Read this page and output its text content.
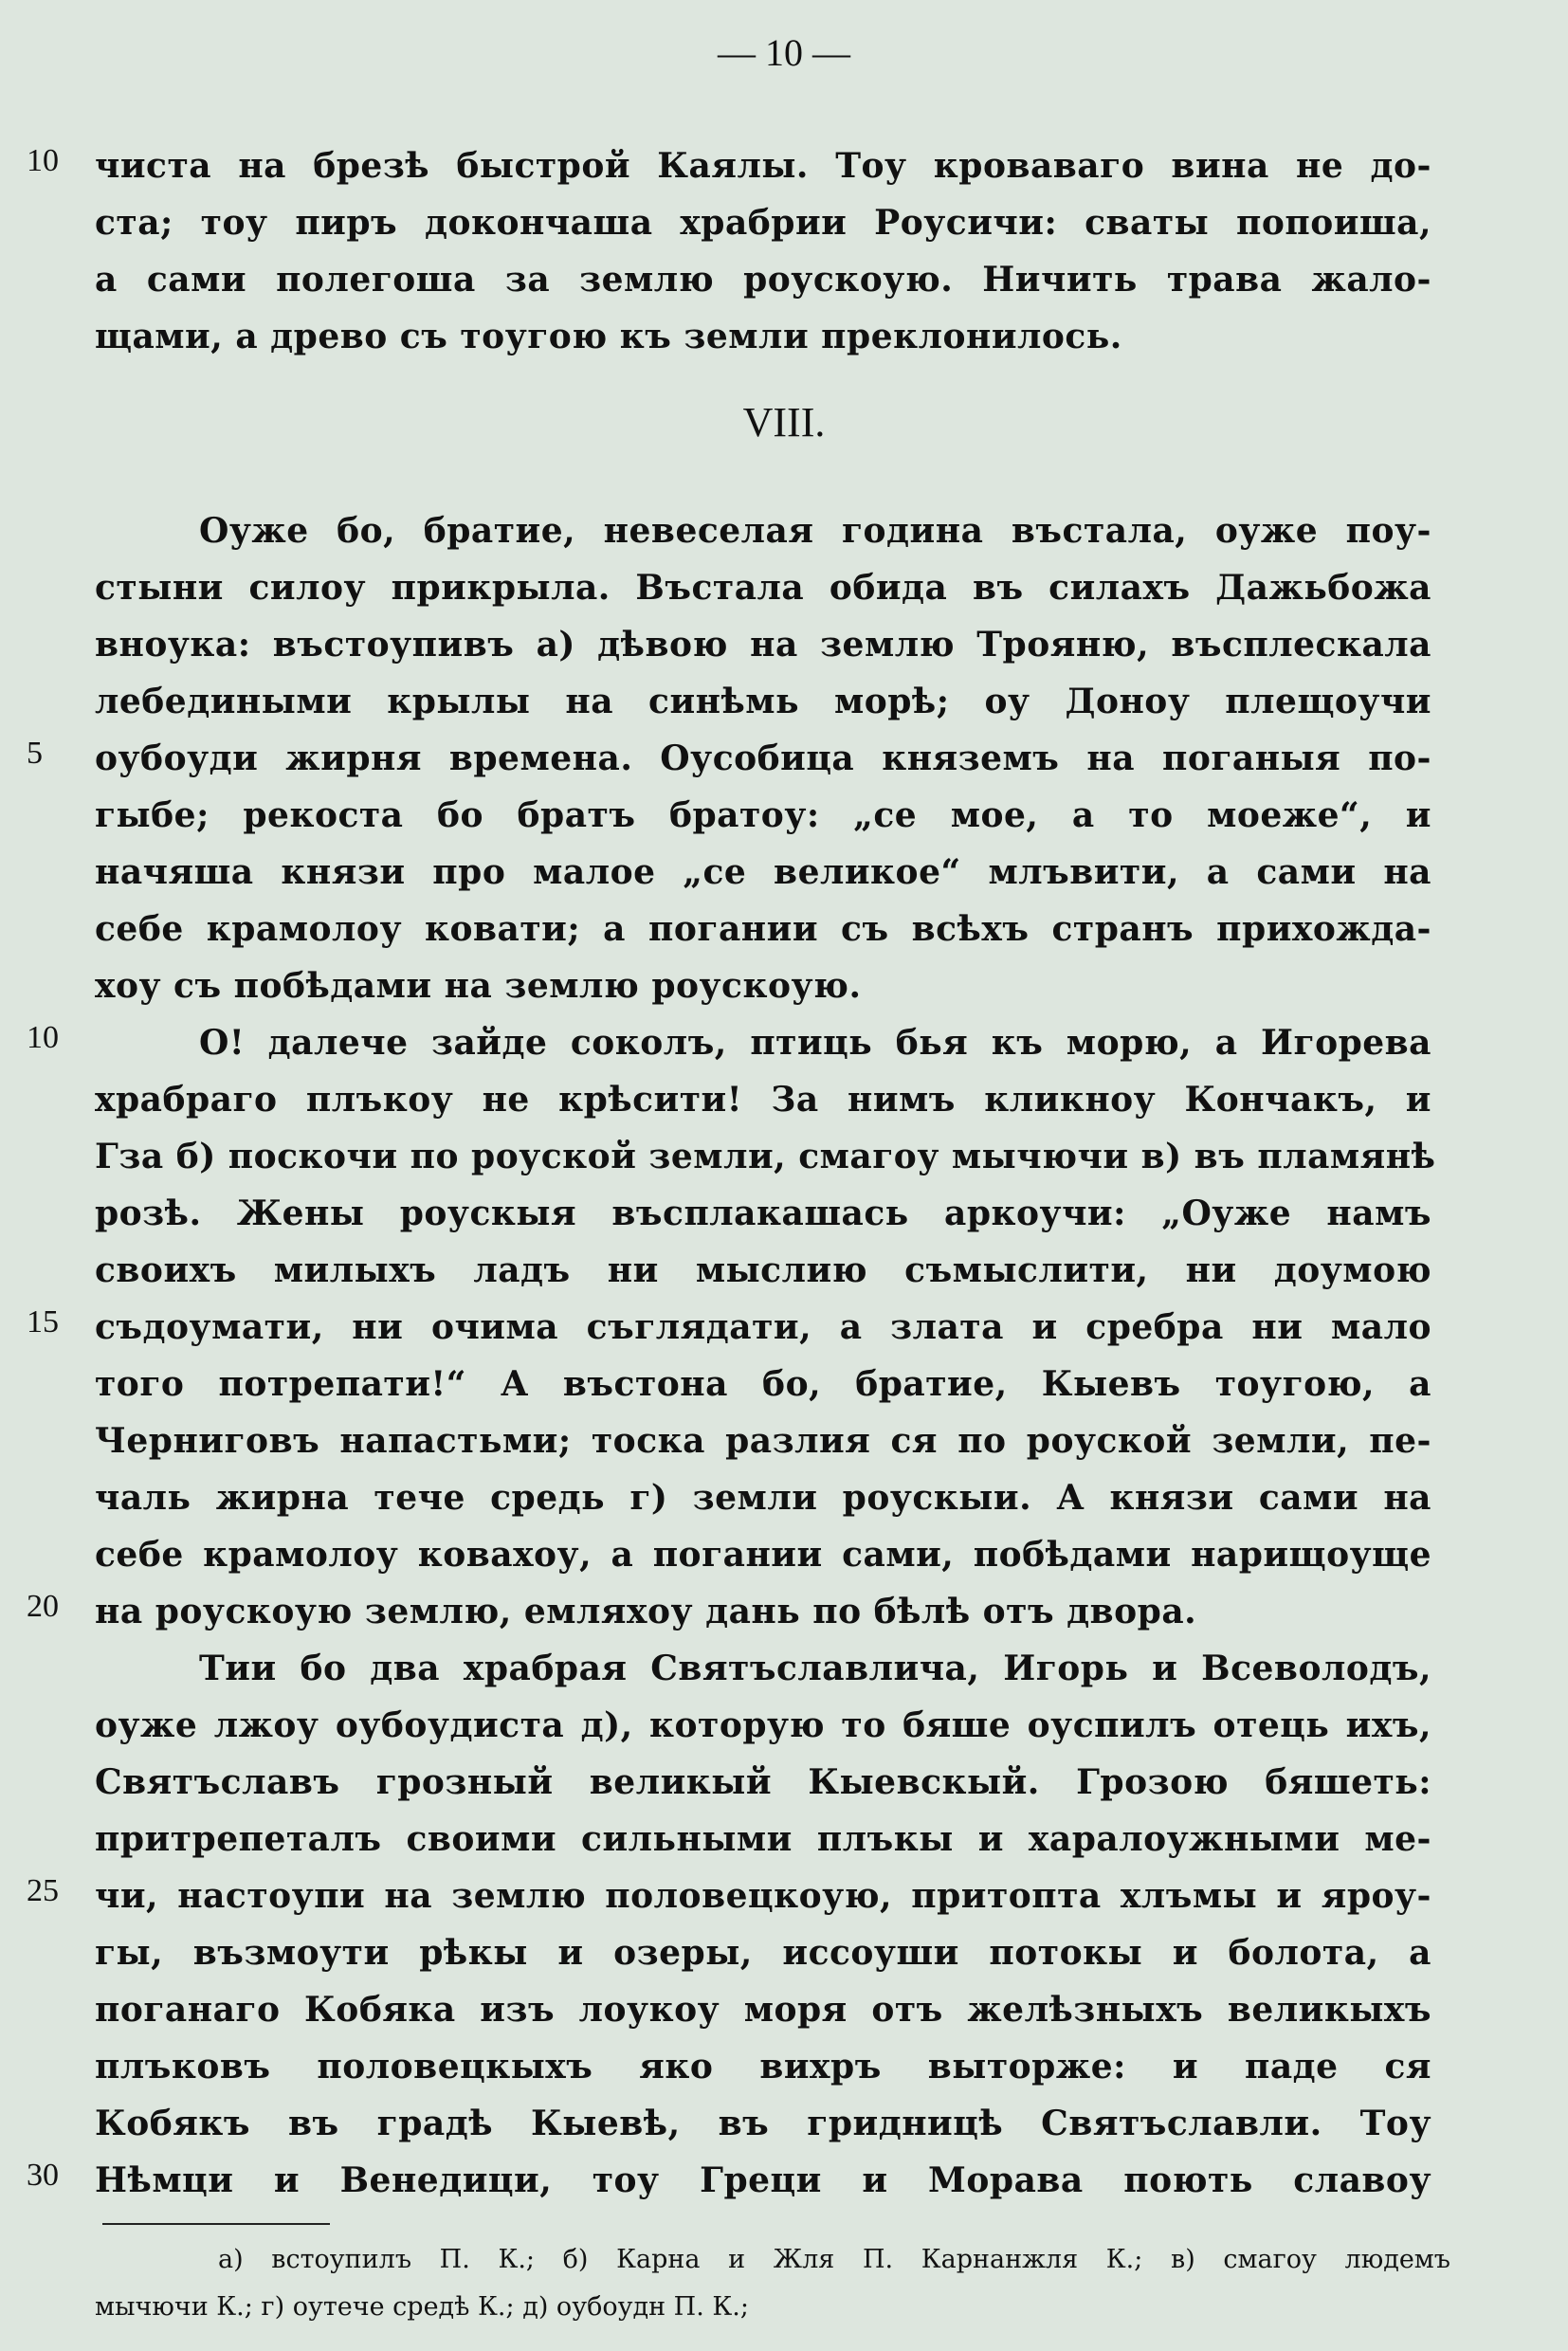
— 10 —
10	чиста на брезѣ быстрой Каялы. Тоу кровавaго вина не до-
ста; тоу пиръ докончаша храбрии Роусичи: сваты попоиша,
а сами полегоша за землю роускоую. Ничить трава жало-
щами, а древо съ тоугою къ земли преклонилось.
VIII.
Оуже бо, братие, невеселая година въстала, оуже поу-
стыни силоу прикрыла. Въстала обида въ силахъ Дажьбожа
вноука: въстоупивъ а) дѣвою на землю Трояню, въсплескала
лебедиными крылы на синѣмь морѣ; оу Доноу плещоучи
5	оубоуди жирня времена. Оусобица княземъ на поганыя по-
гыбе; рекоста бо братъ братоу: „се мое, а то моеже“, и
начяша князи про малое „се великое“ млъвити, а сами на
себе крамолоу ковати; а погании съ всѣхъ странъ прихожда-
хоу съ побѣдами на землю роускоую.
10	О! далече зайде соколъ, птиць бья къ морю, а Игорева
храбраго плъкоу не крѣсити! За нимъ кликноу Кончакъ, и
Гза б) поскочи по роуской земли, смагоу мычючи в) въ пламянѣ
розѣ. Жены роускыя въсплакашась аркоучи: „Оуже намъ
своихъ милыхъ ладъ ни мыслию съмыслити, ни доумою
15	съдоумати, ни очима съглядати, а злата и сребра ни мало
того потрепати!“ А въстона бо, братие, Кыевъ тоугою, а
Черниговъ напастьми; тоска разлия ся по роуской земли, пе-
чаль жирна тече средь г) земли роускыи. А князи сами на
себе крамолоу ковахоу, а погании сами, побѣдами нарищоуще
20	на роускоую землю, емляхоу дань по бѣлѣ отъ двора.
Тии бо два храбрая Святъславлича, Игорь и Всеволодъ,
оуже лжоу оубоудиста д), которую то бяше оуспилъ отець ихъ,
Святъславъ грозный великый Кыевскый. Грозою бяшеть:
притрепеталъ своими сильными плъкы и харалоужными ме-
25	чи, настоупи на землю половецкоую, притопта хлъмы и яроу-
гы, възмоути рѣкы и озеры, иссоуши потокы и болота, а
поганаго Кобяка изъ лоукоу моря отъ желѣзныхъ великыхъ
плъковъ половецкыхъ яко вихръ выторже: и паде ся
Кобякъ въ градѣ Кыевѣ, въ гридницѣ Святъславли. Тоу
30	Нѣмци и Венедици, тоу Греци и Морава поють славоу
а) встоупилъ П. К.; б) Карна и Жля П. Карнанжля К.; в) смагоу людемъ
мычючи К.; г) оутече средѣ К.; д) оубоудн П. К.;
